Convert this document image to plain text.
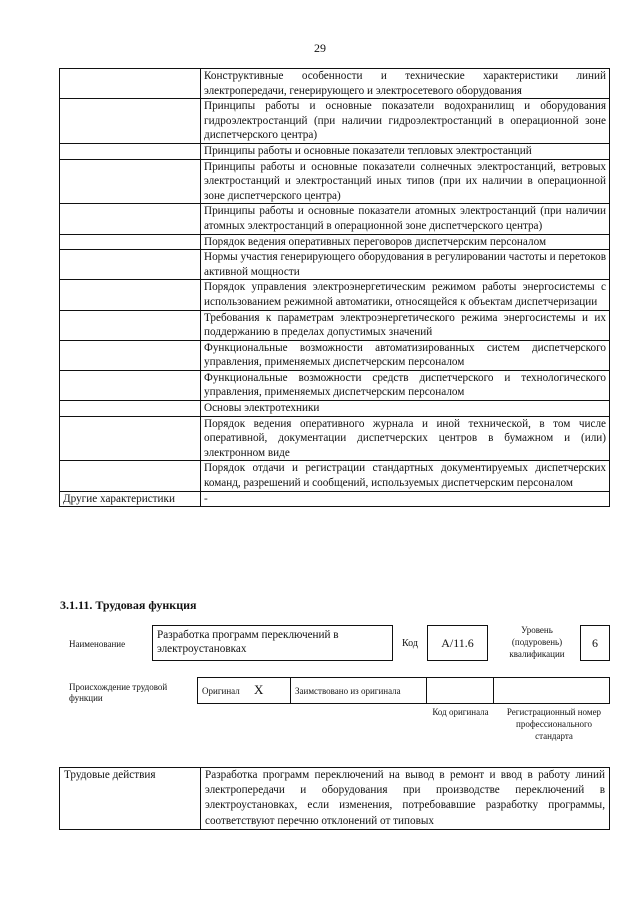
29
	Конструктивные особенности и технические характеристики линий электропередачи, генерирующего и электросетевого оборудования
	Принципы работы и основные показатели водохранилищ и оборудования гидроэлектростанций (при наличии гидроэлектростанций в операционной зоне диспетчерского центра)
	Принципы работы и основные показатели тепловых электростанций
	Принципы работы и основные показатели солнечных электростанций, ветровых электростанций и электростанций иных типов (при их наличии в операционной зоне диспетчерского центра)
	Принципы работы и основные показатели атомных электростанций (при наличии атомных электростанций в операционной зоне диспетчерского центра)
	Порядок ведения оперативных переговоров диспетчерским персоналом
	Нормы участия генерирующего оборудования в регулировании частоты и перетоков активной мощности
	Порядок управления электроэнергетическим режимом работы энергосистемы с использованием режимной автоматики, относящейся к объектам диспетчеризации
	Требования к параметрам электроэнергетического режима энергосистемы и их поддержанию в пределах допустимых значений
	Функциональные возможности автоматизированных систем диспетчерского управления, применяемых диспетчерским персоналом
	Функциональные возможности средств диспетчерского и технологического управления, применяемых диспетчерским персоналом
	Основы электротехники
	Порядок ведения оперативного журнала и иной технической, в том числе оперативной, документации диспетчерских центров в бумажном и (или) электронном виде
	Порядок отдачи и регистрации стандартных документируемых диспетчерских команд, разрешений и сообщений, используемых диспетчерским персоналом
Другие характеристики	-
3.1.11. Трудовая функция
Наименование
Разработка программ переключений в электроустановках	Код	A/11.6
Уровень (подуровень) квалификации
6
Происхождение трудовой функции
Оригинал X	Заимствовано из оригинала		
Код оригинала	Регистрационный номер профессионального стандарта
Трудовые действия	Разработка программ переключений на вывод в ремонт и ввод в работу линий электропередачи и оборудования при производстве переключений в электроустановках, если изменения, потребовавшие разработку программы, соответствуют перечню отклонений от типовых
